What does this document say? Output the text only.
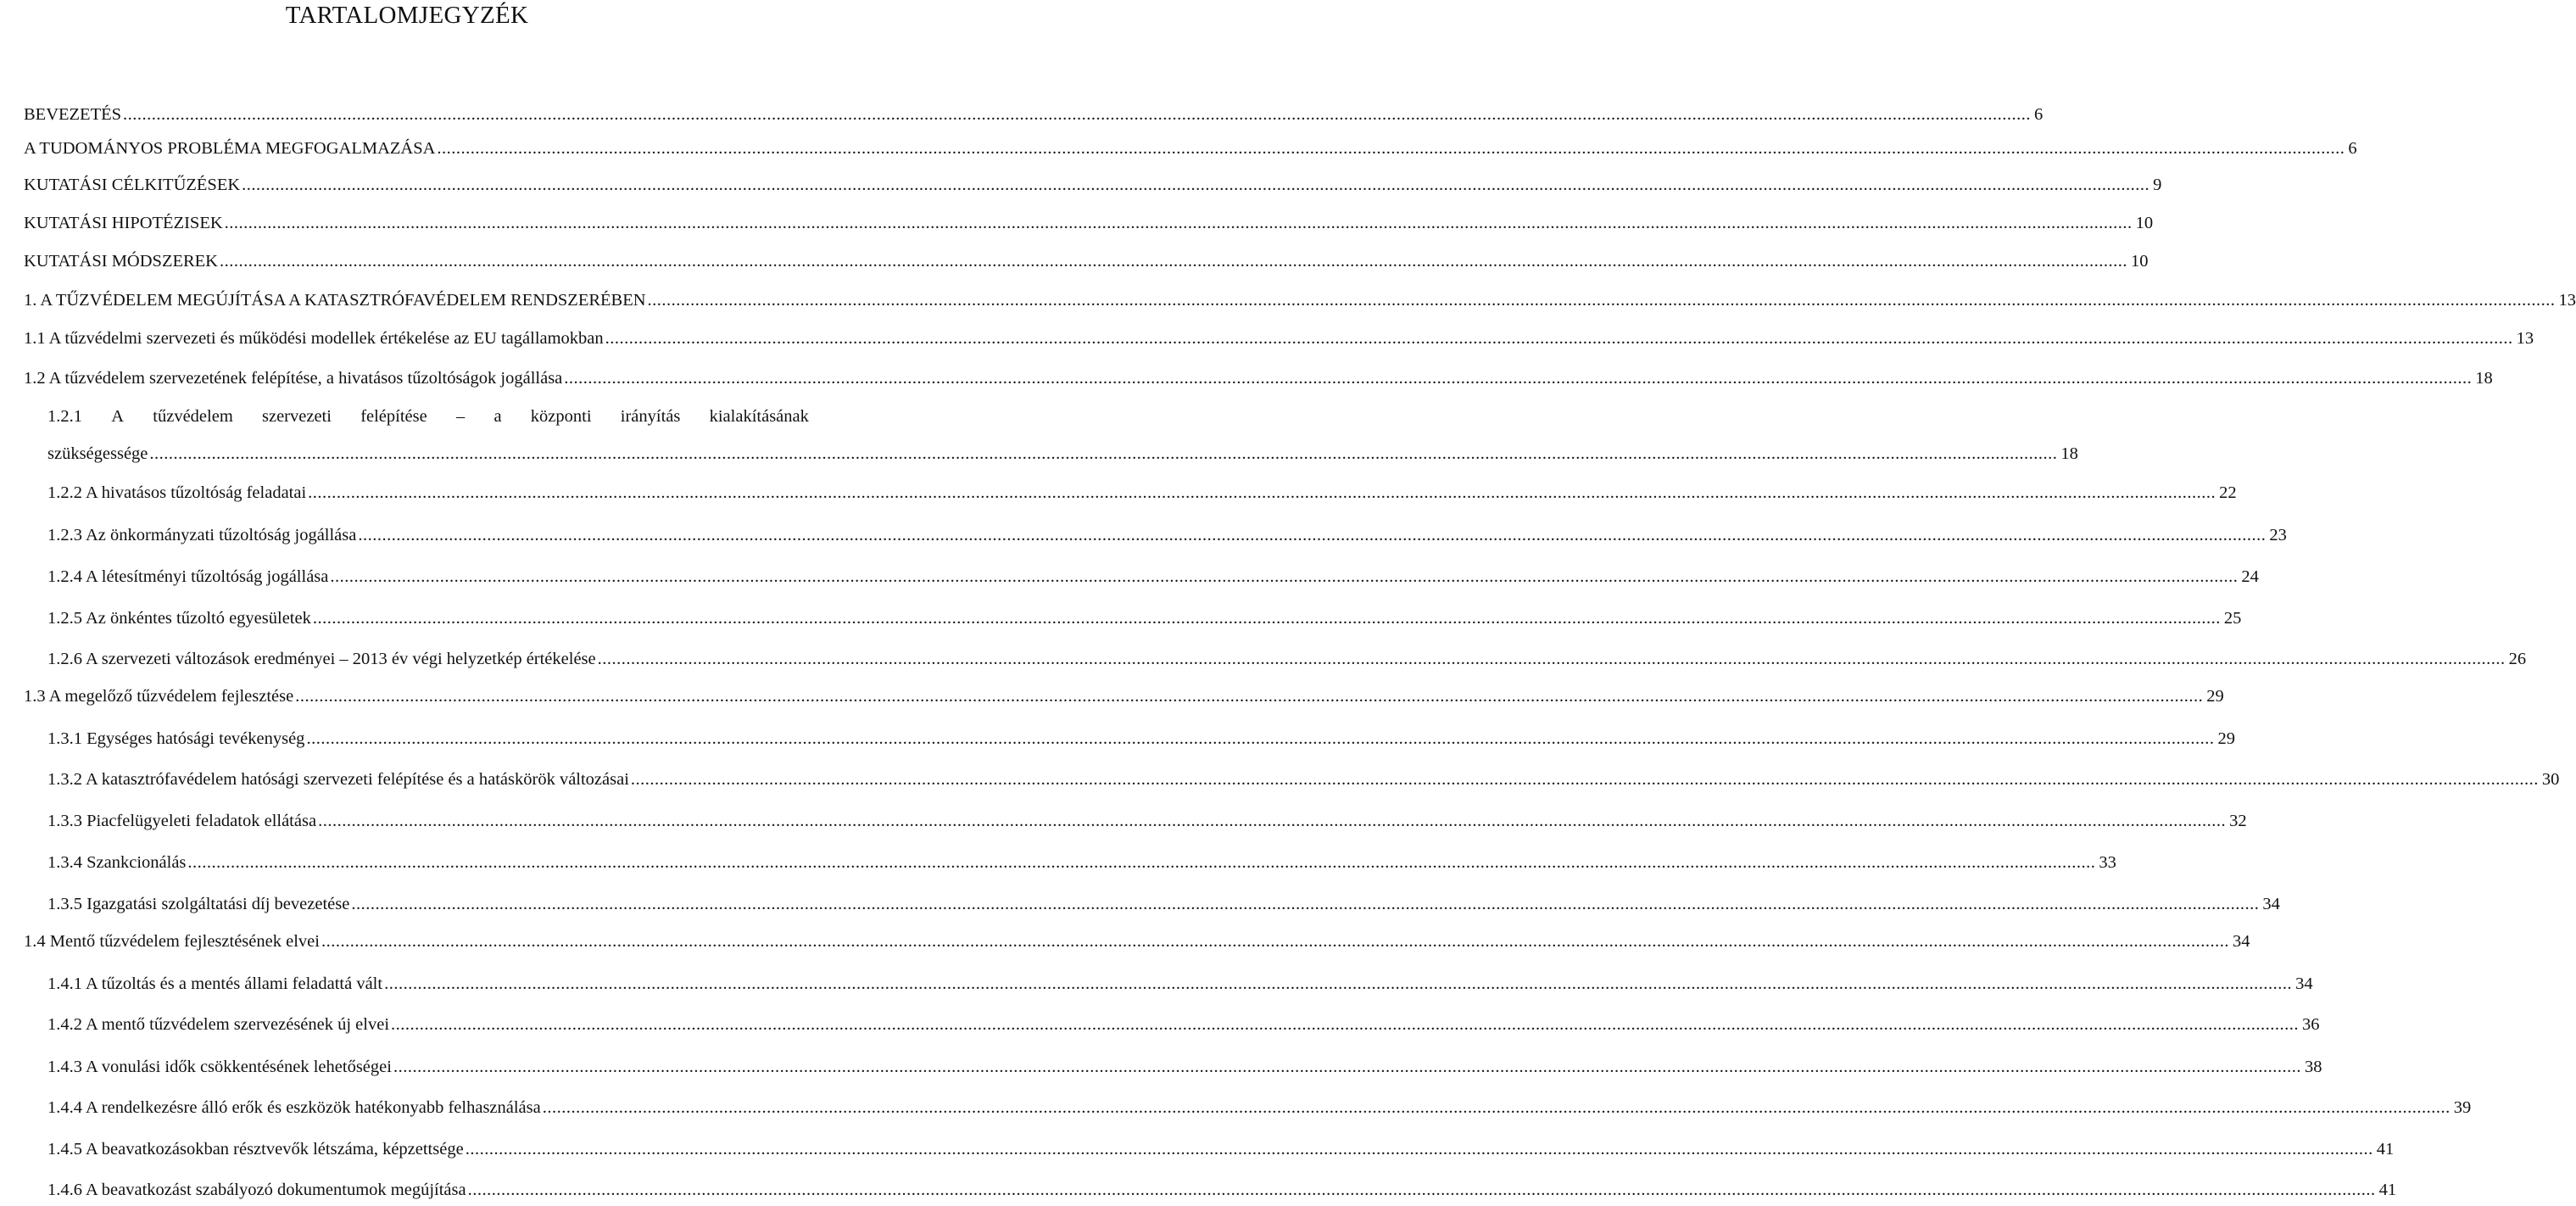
TARTALOMJEGYZÉK
BEVEZETÉS ................................................................................................................................................................................................................................................................................................................................................................................................................ 6
A TUDOMÁNYOS PROBLÉMA MEGFOGALMAZÁSA ................................................................................................................................................................................................................................................................................................................................................................................................................ 6
KUTATÁSI CÉLKITŰZÉSEK ................................................................................................................................................................................................................................................................................................................................................................................................................ 9
KUTATÁSI HIPOTÉZISEK ................................................................................................................................................................................................................................................................................................................................................................................................................ 10
KUTATÁSI MÓDSZEREK ................................................................................................................................................................................................................................................................................................................................................................................................................ 10
1. A TŰZVÉDELEM MEGÚJÍTÁSA A KATASZTRÓFAVÉDELEM RENDSZERÉBEN ................................................................................................................................................................................................................................................................................................................................................................................................................ 13
1.1 A tűzvédelmi szervezeti és működési modellek értékelése az EU tagállamokban ................................................................................................................................................................................................................................................................................................................................................................................................................ 13
1.2 A tűzvédelem szervezetének felépítése, a hivatásos tűzoltóságok jogállása ................................................................................................................................................................................................................................................................................................................................................................................................................ 18
1.2.1 A tűzvédelem szervezeti felépítése – a központi irányítás kialakításának
szükségessége ................................................................................................................................................................................................................................................................................................................................................................................................................ 18
1.2.2 A hivatásos tűzoltóság feladatai ................................................................................................................................................................................................................................................................................................................................................................................................................ 22
1.2.3 Az önkormányzati tűzoltóság jogállása ................................................................................................................................................................................................................................................................................................................................................................................................................ 23
1.2.4 A létesítményi tűzoltóság jogállása ................................................................................................................................................................................................................................................................................................................................................................................................................ 24
1.2.5 Az önkéntes tűzoltó egyesületek ................................................................................................................................................................................................................................................................................................................................................................................................................ 25
1.2.6 A szervezeti változások eredményei – 2013 év végi helyzetkép értékelése ................................................................................................................................................................................................................................................................................................................................................................................................................ 26
1.3 A megelőző tűzvédelem fejlesztése ................................................................................................................................................................................................................................................................................................................................................................................................................ 29
1.3.1 Egységes hatósági tevékenység ................................................................................................................................................................................................................................................................................................................................................................................................................ 29
1.3.2 A katasztrófavédelem hatósági szervezeti felépítése és a hatáskörök változásai ................................................................................................................................................................................................................................................................................................................................................................................................................ 30
1.3.3 Piacfelügyeleti feladatok ellátása ................................................................................................................................................................................................................................................................................................................................................................................................................ 32
1.3.4 Szankcionálás ................................................................................................................................................................................................................................................................................................................................................................................................................ 33
1.3.5 Igazgatási szolgáltatási díj bevezetése ................................................................................................................................................................................................................................................................................................................................................................................................................ 34
1.4 Mentő tűzvédelem fejlesztésének elvei ................................................................................................................................................................................................................................................................................................................................................................................................................ 34
1.4.1 A tűzoltás és a mentés állami feladattá vált ................................................................................................................................................................................................................................................................................................................................................................................................................ 34
1.4.2 A mentő tűzvédelem szervezésének új elvei ................................................................................................................................................................................................................................................................................................................................................................................................................ 36
1.4.3 A vonulási idők csökkentésének lehetőségei ................................................................................................................................................................................................................................................................................................................................................................................................................ 38
1.4.4 A rendelkezésre álló erők és eszközök hatékonyabb felhasználása ................................................................................................................................................................................................................................................................................................................................................................................................................ 39
1.4.5 A beavatkozásokban résztvevők létszáma, képzettsége ................................................................................................................................................................................................................................................................................................................................................................................................................ 41
1.4.6 A beavatkozást szabályozó dokumentumok megújítása ................................................................................................................................................................................................................................................................................................................................................................................................................ 41
